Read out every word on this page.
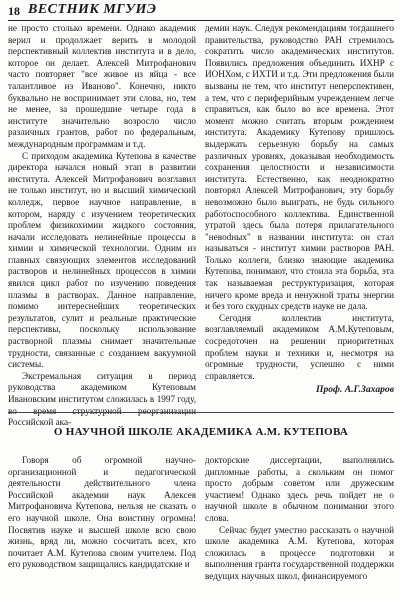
18 ВЕСТНИК МГУИЭ

не просто столько времени. Однако академик верил и продолжает верить в молодой перспективный коллектив института и в дело, которое он делает. Алексей Митрофанович часто повторяет "все живое из яйца - все талантливое из Иваново". Конечно, никто буквально не воспринимает эти слова, но, тем не менее, за прошедшие четыре года в институте значительно возросло число различных грантов, работ по федеральным, международным программам и т.д.

С приходом академика Кутепова в качестве директора начался новый этап в развитии института. Алексей Митрофанович возглавил не только институт, но и высший химический колледж, первое научное направление, в котором, наряду с изучением теоретических проблем физикохимии жидкого состояния, начали исследовать нелинейные процессы в химии и химической технологии. Одним из главных связующих элементов исследований растворов и нелинейных процессов в химии явился цикл работ по изучению поведения плазмы в растворах. Данное направление, помимо интереснейших теоретических результатов, сулит и реальные практические перспективы, поскольку использование растворной плазмы снимает значительные трудности, связанные с созданием вакуумной системы.

Экстремальная ситуация в период руководства академиком Кутеповым Ивановским институтом сложилась в 1997 году, во время структурной реорганизации Российской ака-

демии наук. Следуя рекомендациям тогдашнего правительства, руководство РАН стремилось сократить число академических институтов. Появились предложения объединить ИХНР с ИОНХом, с ИХТИ и т.д. Эти предложения были вызваны не тем, что институт неперспективен, а тем, что с периферийным учреждением легче справиться, как было во все времена. Этот момент можно считать вторым рождением института. Академику Кутепову пришлось выдержать серьезную борьбу на самых различных уровнях, доказывая необходимость сохранения целостности и независимости института. Естественно, как неоднократно повторял Алексей Митрофанович, эту борьбу невозможно было выиграть, не будь сильного работоспособного коллектива. Единственной утратой здесь была потеря прилагательного "невodных" в названии института: он стал называться - институт химии растворов РАН. Только коллеги, близко знающие академика Кутепова, понимают, что стоила эта борьба, эта так называемая реструктуризация, которая ничего кроме вреда и ненужной траты энергии и без того скудных средств науке не дала.

Сегодня коллектив института, возглавляемый академиком А.М.Кутеповым, сосредоточен на решении приоритетных проблем науки и техники и, несмотря на огромные трудности, успешно с ними справляется.

Проф. А.Г.Захаров
О НАУЧНОЙ ШКОЛЕ АКАДЕМИКА А.М. КУТЕПОВА

Говоря об огромной научно-организационной и педагогической деятельности действительного члена Российской академии наук Алексея Митрофановича Кутепова, нельзя не сказать о его научной школе. Она воистину огромна! Посвятив науке и высшей школе всю свою жизнь, вряд ли, можно сосчитать всех, кто почитает А.М. Кутепова своим учителем. Под его руководством защищались кандидатские и

докторские диссертации, выполнялись дипломные работы, а скольким он помог просто добрым советом или дружеским участием! Однако здесь речь пойдет не о научной школе в обычном понимании этого слова.

Сейчас будет уместно рассказать о научной школе академика А.М. Кутепова, которая сложилась в процессе подготовки и выполнения гранта государственной поддержки ведущих научных школ, финансируемого
